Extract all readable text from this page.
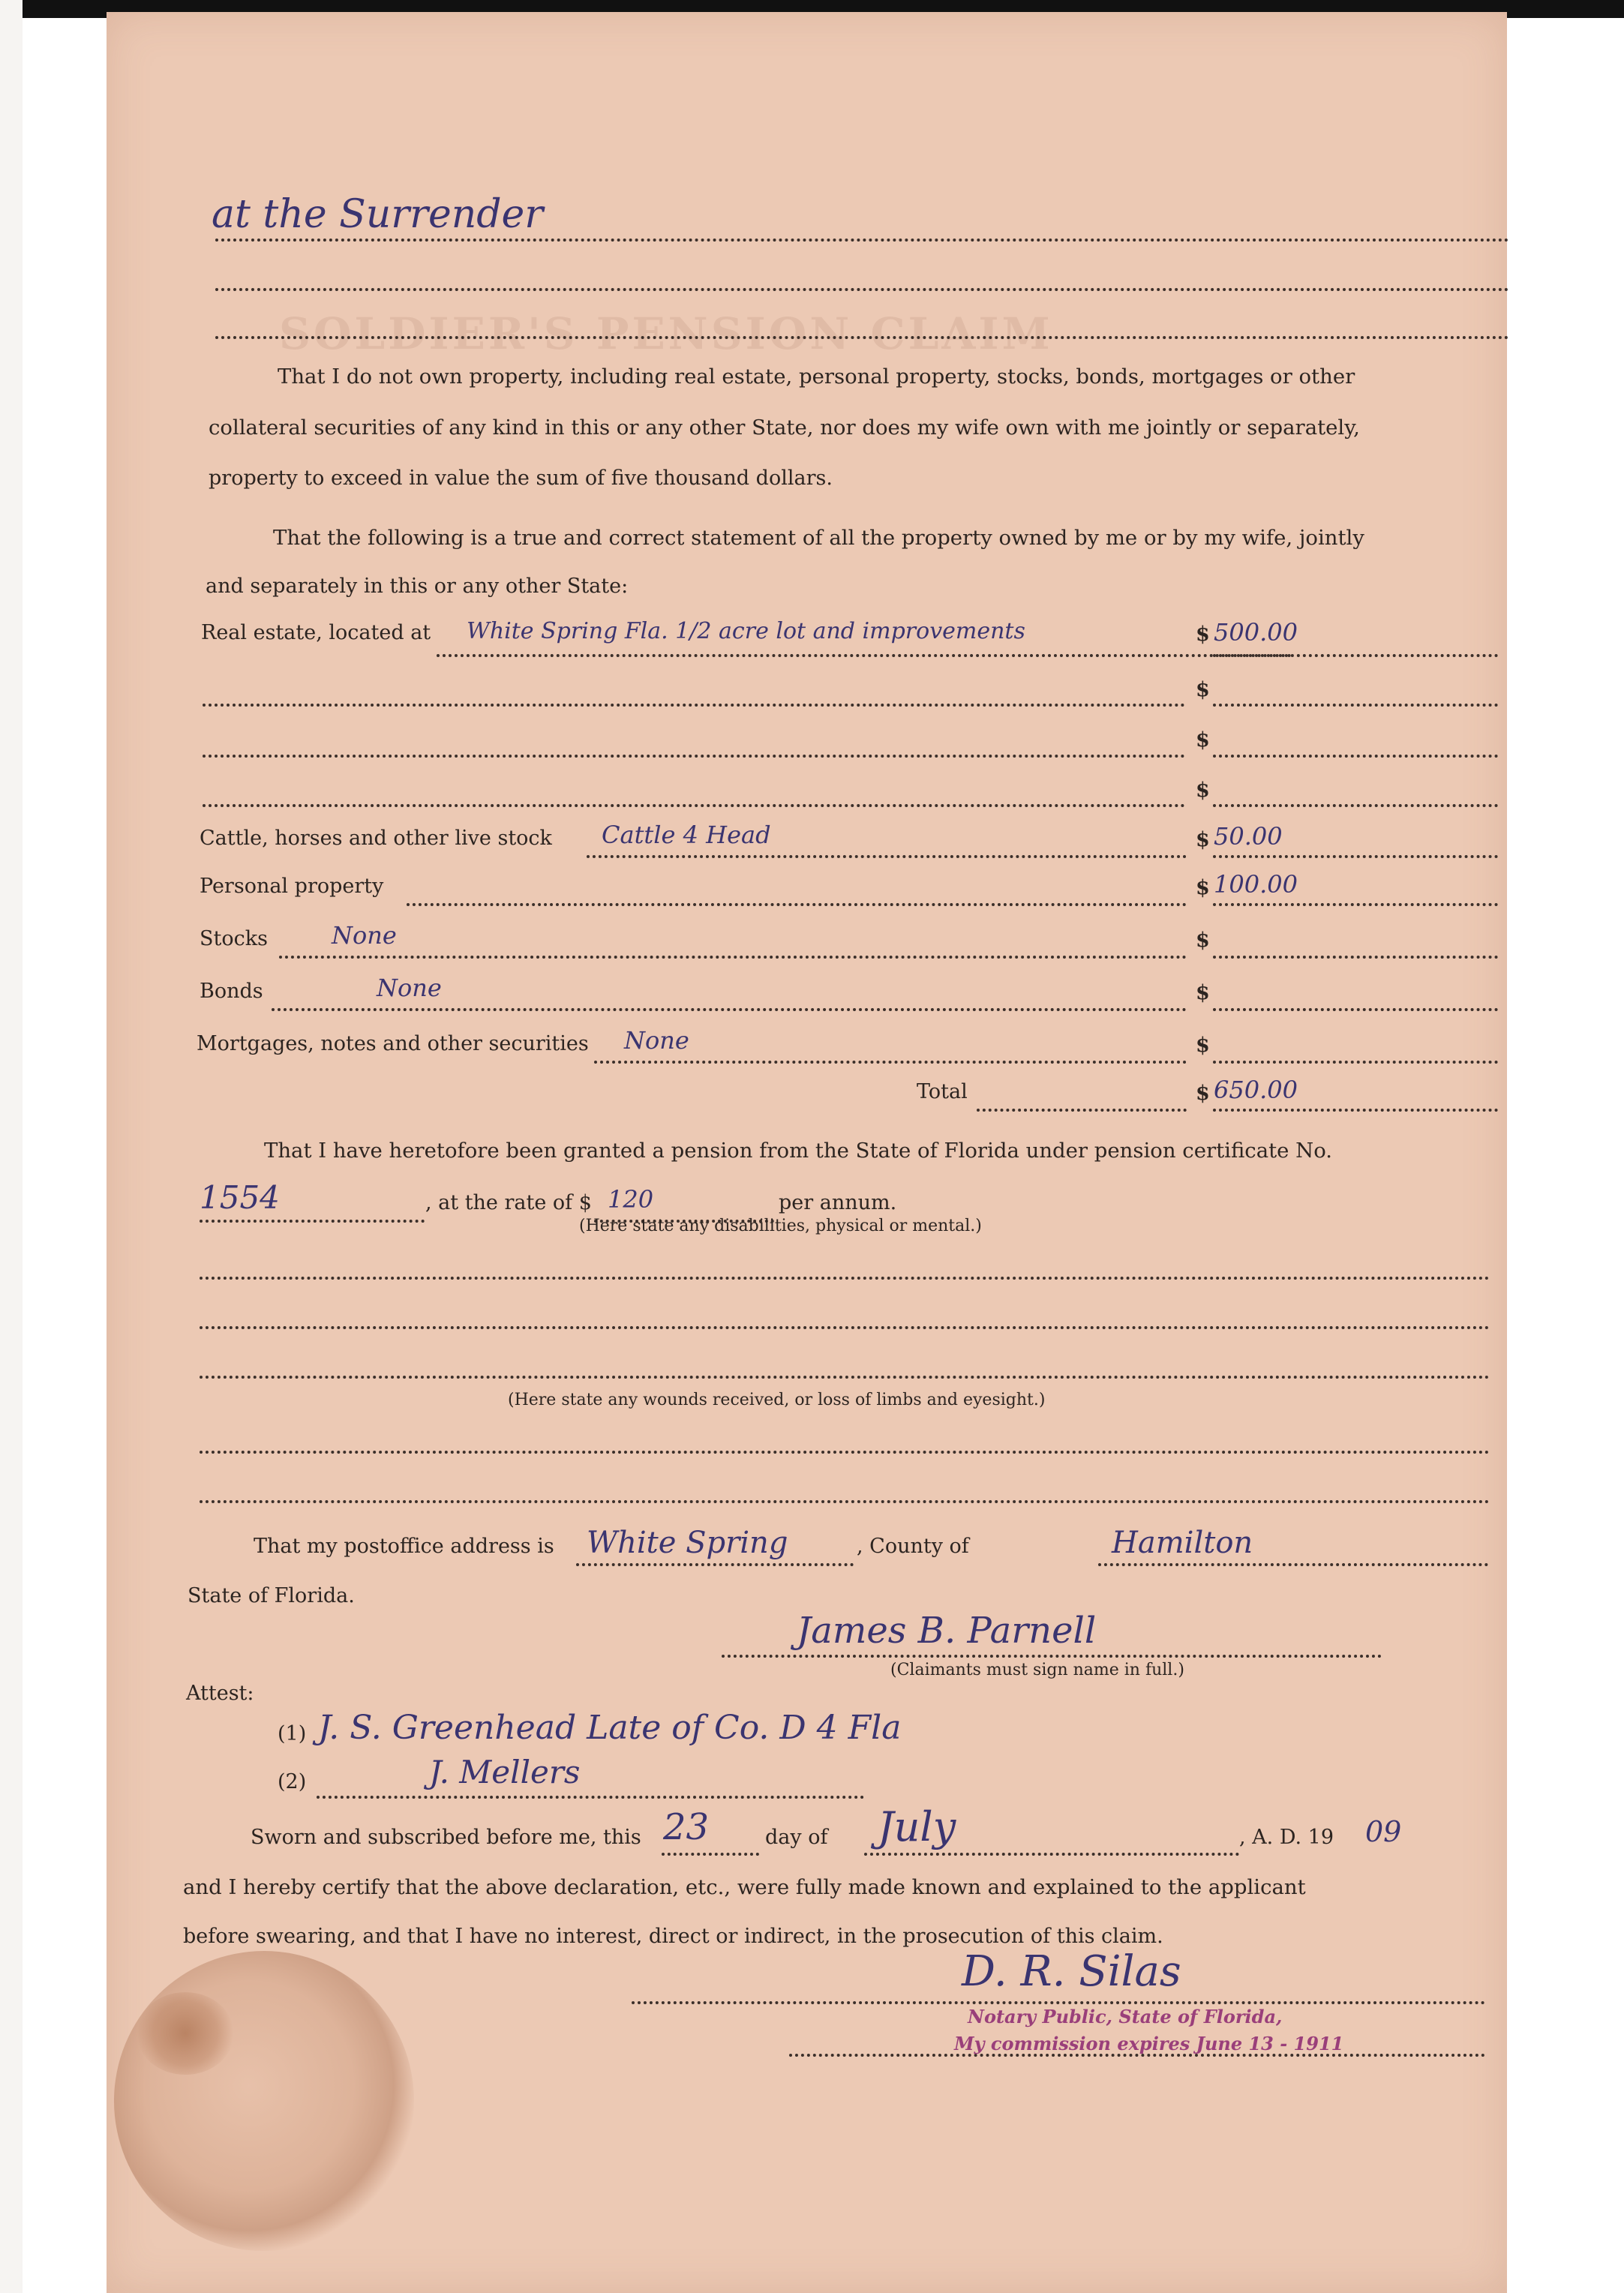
SOLDIER'S PENSION CLAIM
at the Surrender
That I do not own property, including real estate, personal property, stocks, bonds, mortgages or other
collateral securities of any kind in this or any other State, nor does my wife own with me jointly or separately,
property to exceed in value the sum of five thousand dollars.
That the following is a true and correct statement of all the property owned by me or by my wife, jointly
and separately in this or any other State:
Real estate, located at White Spring Fla. 1/2 acre lot and improvements	$ 500.00
$
$
$
Cattle, horses and other live stock Cattle 4 Head	$ 50.00
Personal property	$ 100.00
Stocks	None	$
Bonds	None	$
Mortgages, notes and other securities None	$
Total	$ 650.00
That I have heretofore been granted a pension from the State of Florida under pension certificate No.
1554	, at the rate of $ 120	per annum.
(Here state any disabilities, physical or mental.)
(Here state any wounds received, or loss of limbs and eyesight.)
That my postoffice address is White Spring	, County of	Hamilton
State of Florida.
James B. Parnell
(Claimants must sign name in full.)
Attest:
(1) J. S. Greenhead Late of Co. D 4 Fla
(2)	J. Mellers
Sworn and subscribed before me, this 23	day of July	, A. D. 19 09
and I hereby certify that the above declaration, etc., were fully made known and explained to the applicant
before swearing, and that I have no interest, direct or indirect, in the prosecution of this claim.
D. R. Silas
Notary Public, State of Florida,
My commission expires June 13 - 1911
